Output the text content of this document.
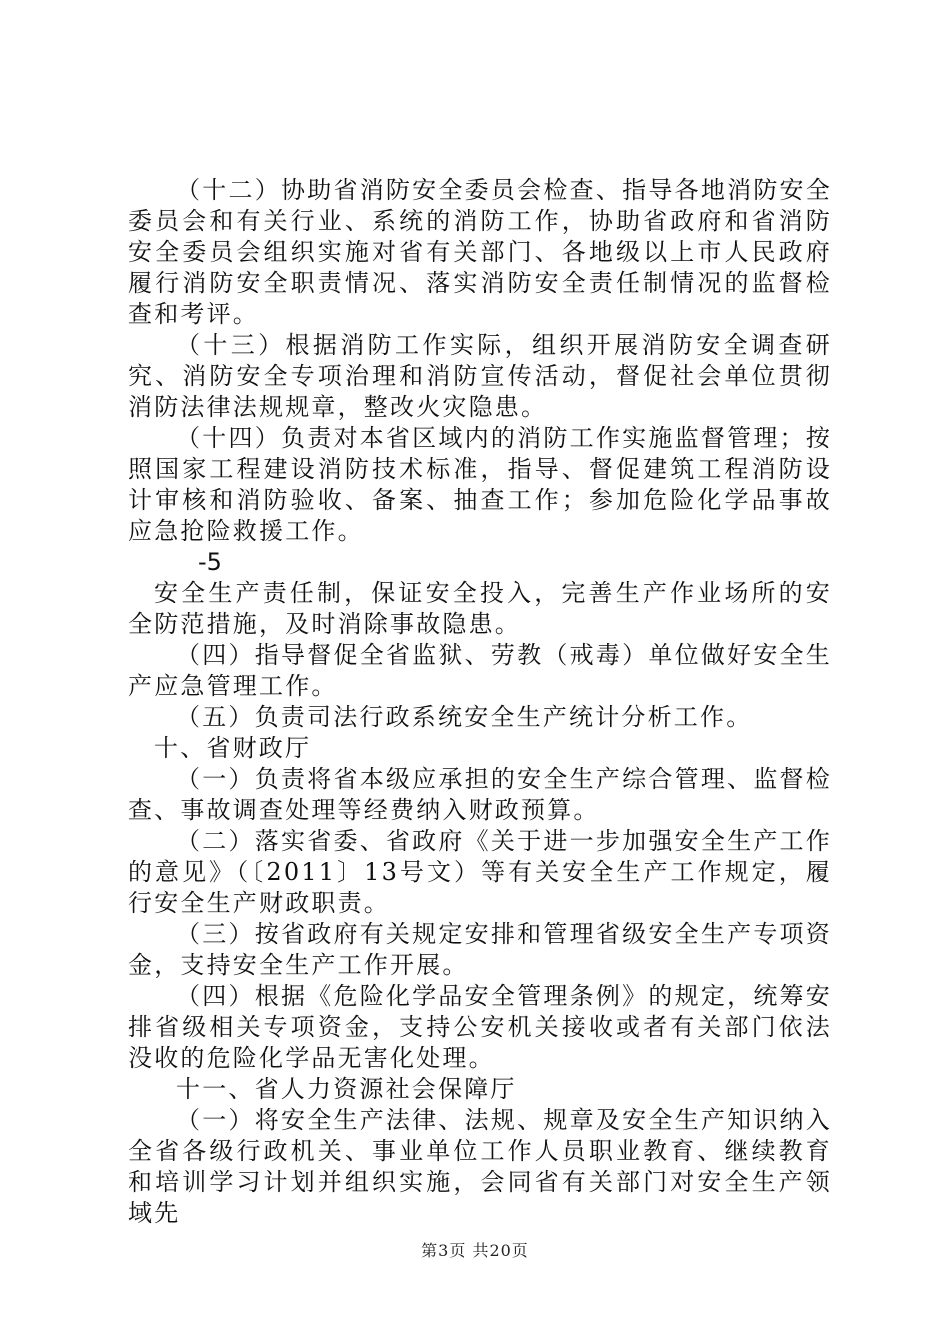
（十二）协助省消防安全委员会检查、指导各地消防安全委员会和有关行业、系统的消防工作，协助省政府和省消防安全委员会组织实施对省有关部门、各地级以上市人民政府履行消防安全职责情况、落实消防安全责任制情况的监督检查和考评。

（十三）根据消防工作实际，组织开展消防安全调查研究、消防安全专项治理和消防宣传活动，督促社会单位贯彻消防法律法规规章，整改火灾隐患。

（十四）负责对本省区域内的消防工作实施监督管理；按照国家工程建设消防技术标准，指导、督促建筑工程消防设计审核和消防验收、备案、抽查工作；参加危险化学品事故应急抢险救援工作。

-5

安全生产责任制，保证安全投入，完善生产作业场所的安全防范措施，及时消除事故隐患。

（四）指导督促全省监狱、劳教（戒毒）单位做好安全生产应急管理工作。

（五）负责司法行政系统安全生产统计分析工作。

十、省财政厅

（一）负责将省本级应承担的安全生产综合管理、监督检查、事故调查处理等经费纳入财政预算。

（二）落实省委、省政府《关于进一步加强安全生产工作的意见》（〔2011〕13号文）等有关安全生产工作规定，履行安全生产财政职责。

（三）按省政府有关规定安排和管理省级安全生产专项资金，支持安全生产工作开展。

（四）根据《危险化学品安全管理条例》的规定，统筹安排省级相关专项资金，支持公安机关接收或者有关部门依法没收的危险化学品无害化处理。

十一、省人力资源社会保障厅

（一）将安全生产法律、法规、规章及安全生产知识纳入全省各级行政机关、事业单位工作人员职业教育、继续教育和培训学习计划并组织实施，会同省有关部门对安全生产领域先

第3页 共20页
